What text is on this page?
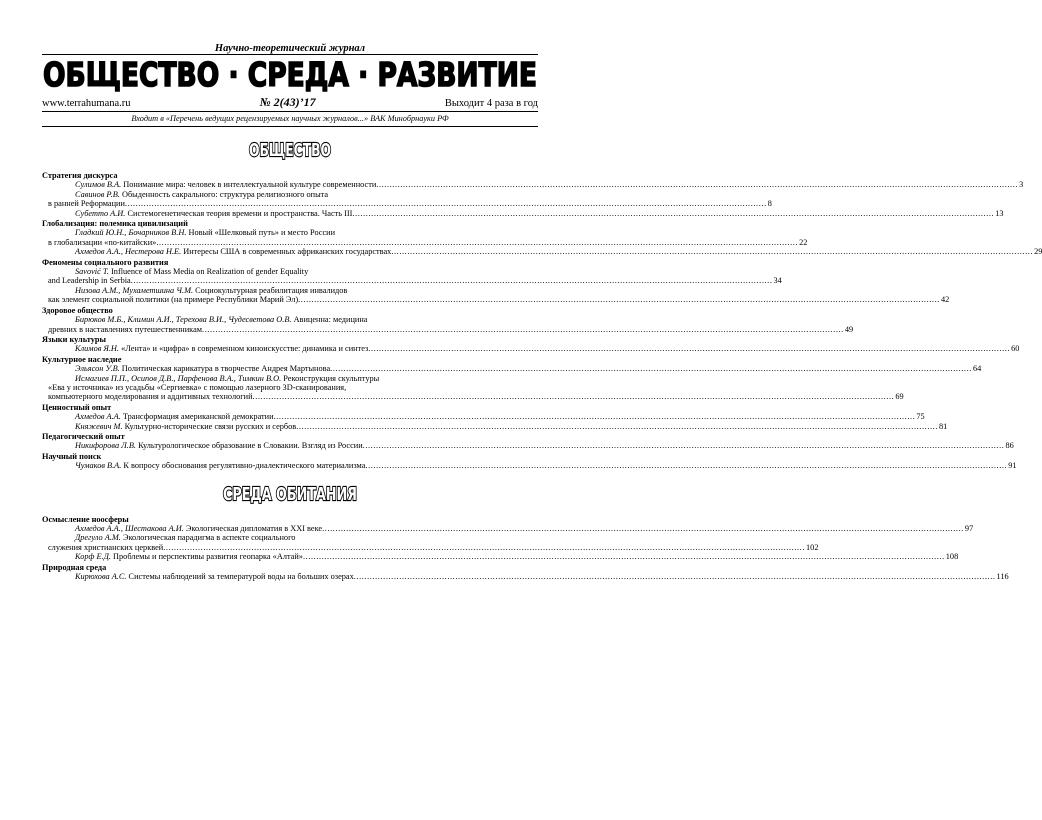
Научно-теоретический журнал
ОБЩЕСТВО · СРЕДА · РАЗВИТИЕ
www.terrahumana.ru	№ 2(43)’17	Выходит 4 раза в год
Входит в «Перечень ведущих рецензируемых научных журналов...» ВАК Минобрнауки РФ
ОБЩЕСТВО
Стратегия дискурса
Сулимов В.А. Понимание мира: человек в интеллектуальной культуре современности ................................................................................................................................................................................................................................................ 3
Савинов Р.В. Обыденность сакрального: структура религиозного опыта
в ранней Реформации ................................................................................................................................................................................................................................................ 8
Субетто А.И. Системогенетическая теория времени и пространства. Часть III ................................................................................................................................................................................................................................................ 13
Глобализация: полемика цивилизаций
Гладкий Ю.Н., Бочарников В.Н. Новый «Шелковый путь» и место России
в глобализации «по-китайски» ................................................................................................................................................................................................................................................ 22
Ахмедов А.А., Нестерова Н.Е. Интересы США в современных африканских государствах ................................................................................................................................................................................................................................................ 29
Феномены социального развития
Savović T. Influence of Mass Media on Realization of gender Equality
and Leadership in Serbia ................................................................................................................................................................................................................................................ 34
Низова А.М., Мухаметшина Ч.М. Социокультурная реабилитация инвалидов
как элемент социальной политики (на примере Республики Марий Эл) ................................................................................................................................................................................................................................................ 42
Здоровое общество
Бирюков М.Б., Климин А.И., Терехова В.И., Чудесветова О.В. Авиценна: медицина
древних в наставлениях путешественникам ................................................................................................................................................................................................................................................ 49
Языки культуры
Климов Я.Н. «Лента» и «цифра» в современном киноискусстве: динамика и синтез ................................................................................................................................................................................................................................................ 60
Культурное наследие
Эльясон У.В. Политическая карикатура в творчестве Андрея Мартынова ................................................................................................................................................................................................................................................ 64
Исмагиев П.П., Осипов Д.В., Парфенова В.А., Тимкин В.О. Реконструкция скульптуры
«Ева у источника» из усадьбы «Сергиевка» с помощью лазерного 3D-сканирования,
компьютерного моделирования и аддитивных технологий ................................................................................................................................................................................................................................................ 69
Ценностный опыт
Ахмедов А.А. Трансформация американской демократии ................................................................................................................................................................................................................................................ 75
Княжевич М. Культурно-исторические связи русских и сербов ................................................................................................................................................................................................................................................ 81
Педагогический опыт
Никифорова Л.В. Культурологическое образование в Словакии. Взгляд из России ................................................................................................................................................................................................................................................ 86
Научный поиск
Чумаков В.А. К вопросу обоснования регулятивно-диалектического материализма ................................................................................................................................................................................................................................................ 91
СРЕДА ОБИТАНИЯ
Осмысление ноосферы
Ахмедов А.А., Шестакова А.И. Экологическая дипломатия в XXI веке ................................................................................................................................................................................................................................................ 97
Дрегуло А.М. Экологическая парадигма в аспекте социального
служения христианских церквей ................................................................................................................................................................................................................................................ 102
Корф Е.Д. Проблемы и перспективы развития геопарка «Алтай» ................................................................................................................................................................................................................................................ 108
Природная среда
Кирюхова А.С. Системы наблюдений за температурой воды на больших озерах ................................................................................................................................................................................................................................................ 116
